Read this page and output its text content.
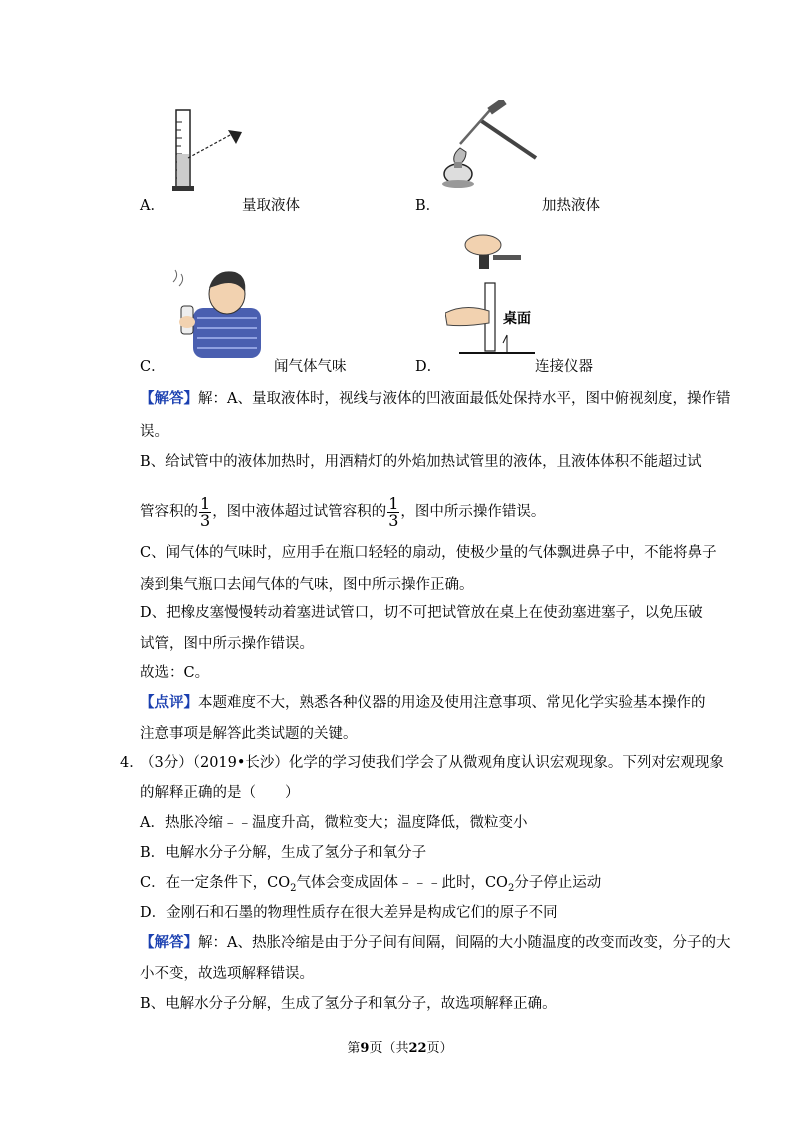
桌面
A．	量取液体	B．	加热液体
C．	闻气体气味	D．	连接仪器
【解答】解：A、量取液体时，视线与液体的凹液面最低处保持水平，图中俯视刻度，操作错
误。
B、给试管中的液体加热时，用酒精灯的外焰加热试管里的液体，且液体体积不能超过试
管容积的 $\frac{1}{3}$ ，图中液体超过试管容积的 $\frac{1}{3}$ ，图中所示操作错误。
C、闻气体的气味时，应用手在瓶口轻轻的扇动，使极少量的气体飘进鼻子中，不能将鼻子
凑到集气瓶口去闻气体的气味，图中所示操作正确。
D、把橡皮塞慢慢转动着塞进试管口，切不可把试管放在桌上在使劲塞进塞子，以免压破
试管，图中所示操作错误。
故选：C。
【点评】本题难度不大，熟悉各种仪器的用途及使用注意事项、常见化学实验基本操作的
注意事项是解答此类试题的关键。
4．
（3分）（2019•长沙）化学的学习使我们学会了从微观角度认识宏观现象。下列对宏观现象
的解释正确的是（　　）
A．热胀冷缩﹣﹣温度升高，微粒变大；温度降低，微粒变小
B．电解水分子分解，生成了氢分子和氧分子
C．在一定条件下，$CO_2$气体会变成固体﹣﹣﹣此时，$CO_2$分子停止运动
D．金刚石和石墨的物理性质存在很大差异是构成它们的原子不同
【解答】解：A、热胀冷缩是由于分子间有间隔，间隔的大小随温度的改变而改变，分子的大
小不变，故选项解释错误。
B、电解水分子分解，生成了氢分子和氧分子，故选项解释正确。
第9页（共22页）
